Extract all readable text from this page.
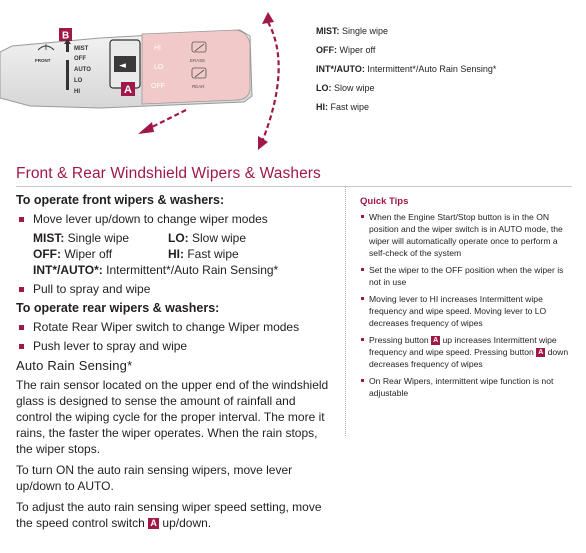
HI
LO
OFF
ERASE
REAR
◄
A
B
FRONT
MIST
OFF
AUTO
LO
HI
MIST: Single wipe
OFF: Wiper off
INT*/AUTO: Intermittent*/Auto Rain Sensing*
LO: Slow wipe
HI: Fast wipe
Front & Rear Windshield Wipers & Washers
To operate front wipers & washers:
Move lever up/down to change wiper modes
MIST: Single wipe	LO: Slow wipe
OFF: Wiper off	HI: Fast wipe
INT*/AUTO*: Intermittent*/Auto Rain Sensing*
Pull to spray and wipe
To operate rear wipers & washers:
Rotate Rear Wiper switch to change Wiper modes
Push lever to spray and wipe
Auto Rain Sensing*
The rain sensor located on the upper end of the windshield glass is designed to sense the amount of rainfall and control the wiping cycle for the proper interval. The more it rains, the faster the wiper operates. When the rain stops, the wiper stops.
To turn ON the auto rain sensing wipers, move lever up/down to AUTO.
To adjust the auto rain sensing wiper speed setting, move the speed control switch A up/down.
Quick Tips
When the Engine Start/Stop button is in the ON position and the wiper switch is in AUTO mode, the wiper will automatically operate once to perform a self-check of the system
Set the wiper to the OFF position when the wiper is not in use
Moving lever to HI increases Intermittent wipe frequency and wipe speed. Moving lever to LO decreases frequency of wipes
Pressing button A up increases Intermittent wipe frequency and wipe speed. Pressing button A down decreases frequency of wipes
On Rear Wipers, intermittent wipe function is not adjustable
